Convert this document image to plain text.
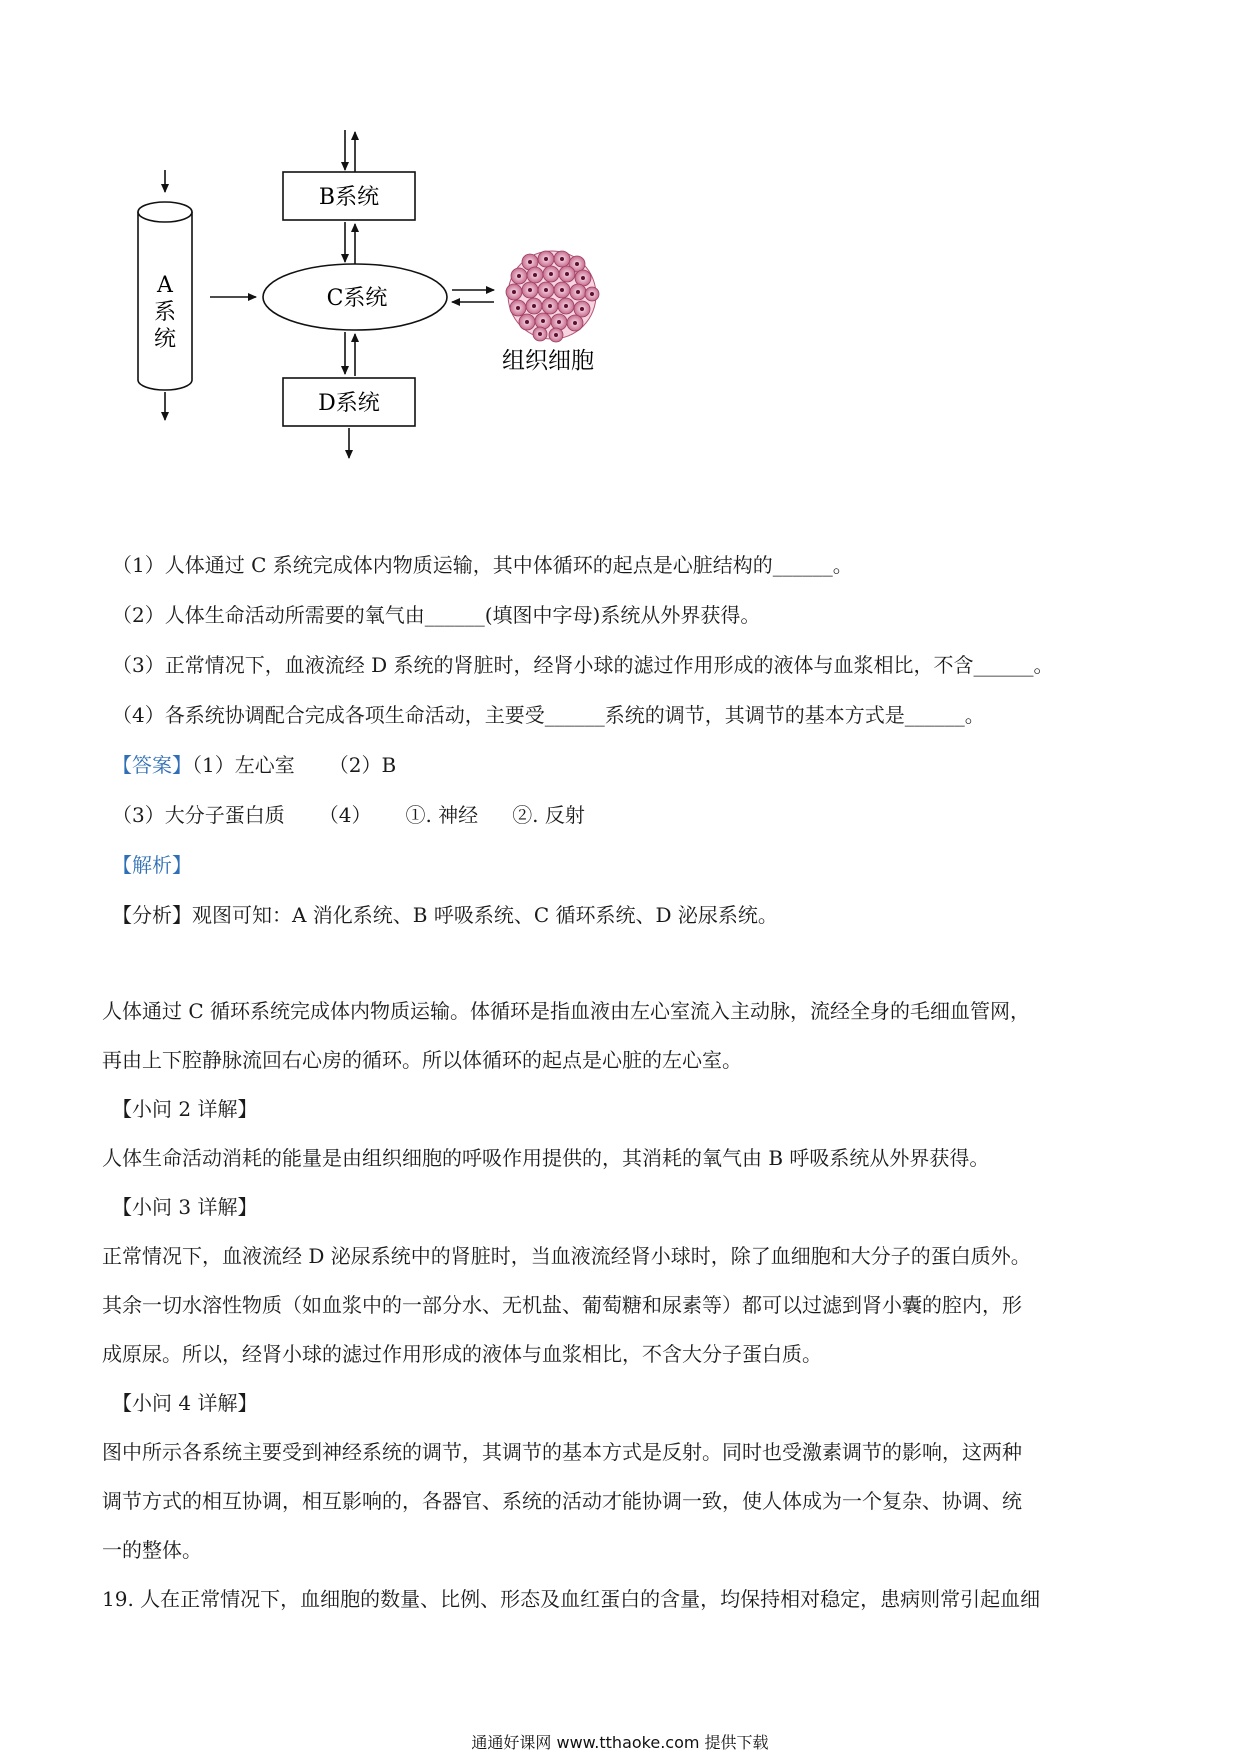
A
系
统
B系统
C系统
D系统
组织细胞
（1）人体通过 C 系统完成体内物质运输，其中体循环的起点是心脏结构的______。
（2）人体生命活动所需要的氧气由______(填图中字母)系统从外界获得。
（3）正常情况下，血液流经 D 系统的肾脏时，经肾小球的滤过作用形成的液体与血浆相比，不含______。
（4）各系统协调配合完成各项生命活动，主要受______系统的调节，其调节的基本方式是______。
【答案】（1）左心室 （2）B
（3）大分子蛋白质 （4） ①. 神经 ②. 反射
【解析】
【分析】观图可知：A 消化系统、B 呼吸系统、C 循环系统、D 泌尿系统。
人体通过 C 循环系统完成体内物质运输。体循环是指血液由左心室流入主动脉，流经全身的毛细血管网，
再由上下腔静脉流回右心房的循环。所以体循环的起点是心脏的左心室。
【小问 2 详解】
人体生命活动消耗的能量是由组织细胞的呼吸作用提供的，其消耗的氧气由 B 呼吸系统从外界获得。
【小问 3 详解】
正常情况下，血液流经 D 泌尿系统中的肾脏时，当血液流经肾小球时，除了血细胞和大分子的蛋白质外。
其余一切水溶性物质（如血浆中的一部分水、无机盐、葡萄糖和尿素等）都可以过滤到肾小囊的腔内，形
成原尿。所以，经肾小球的滤过作用形成的液体与血浆相比，不含大分子蛋白质。
【小问 4 详解】
图中所示各系统主要受到神经系统的调节，其调节的基本方式是反射。同时也受激素调节的影响，这两种
调节方式的相互协调，相互影响的，各器官、系统的活动才能协调一致，使人体成为一个复杂、协调、统
一的整体。
19. 人在正常情况下，血细胞的数量、比例、形态及血红蛋白的含量，均保持相对稳定，患病则常引起血细
通通好课网 www.tthaoke.com 提供下载
